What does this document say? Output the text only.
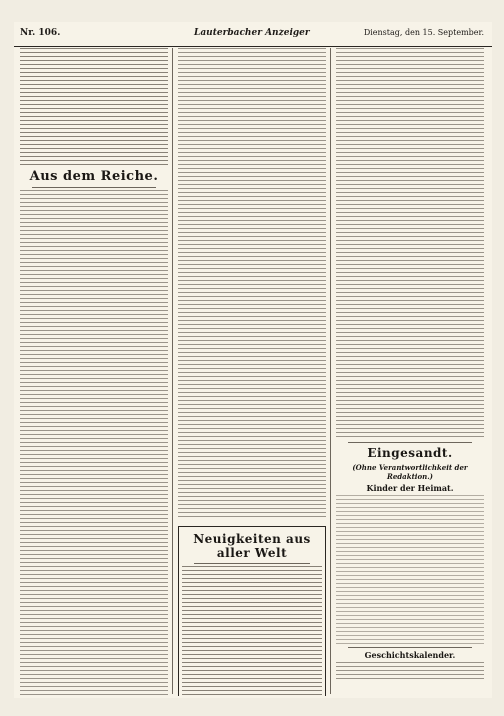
Nr. 106.	Lauterbacher Anzeiger	Dienstag, den 15. September.
Aus dem Reiche.
Neuigkeiten aus aller Welt
Eingesandt.
(Ohne Verantwortlichkeit der Redaktion.)
Kinder der Heimat.
Geschichtskalender.
